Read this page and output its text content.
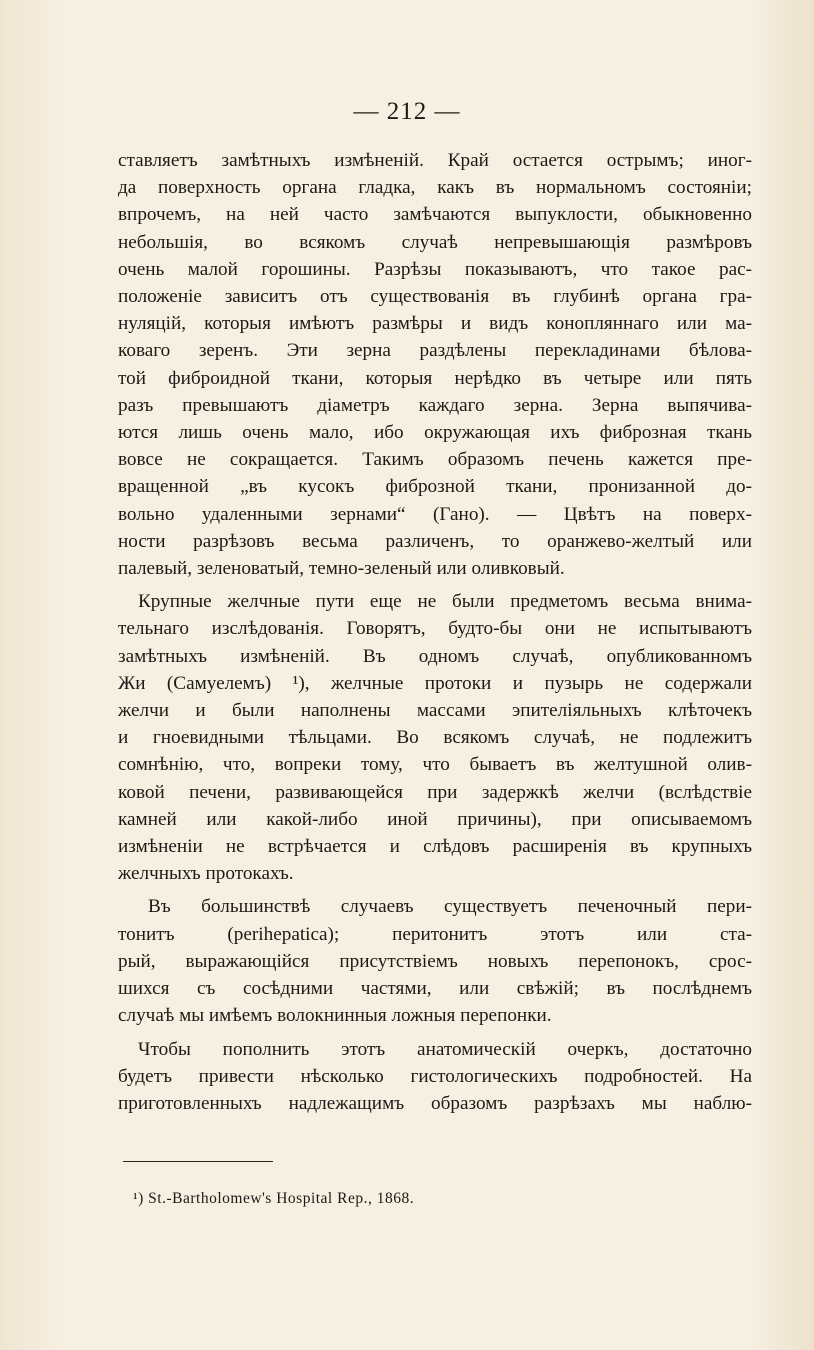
— 212 —

ставляетъ замѣтныхъ измѣненій. Край остается острымъ; иног-
да поверхность органа гладка, какъ въ нормальномъ состояніи;
впрочемъ, на ней часто замѣчаются выпуклости, обыкновенно
небольшія, во всякомъ случаѣ непревышающія размѣровъ
очень малой горошины. Разрѣзы показываютъ, что такое рас-
положеніе зависитъ отъ существованія въ глубинѣ органа гра-
нуляцій, которыя имѣютъ размѣры и видъ конопляннаго или ма-
коваго зеренъ. Эти зерна раздѣлены перекладинами бѣлова-
той фиброидной ткани, которыя нерѣдко въ четыре или пять
разъ превышаютъ діаметръ каждаго зерна. Зерна выпячива-
ются лишь очень мало, ибо окружающая ихъ фиброзная ткань
вовсе не сокращается. Такимъ образомъ печень кажется пре-
вращенной „въ кусокъ фиброзной ткани, пронизанной до-
вольно удаленными зернами“ (Гано). — Цвѣтъ на поверх-
ности разрѣзовъ весьма различенъ, то оранжево-желтый или
палевый, зеленоватый, темно-зеленый или оливковый.

Крупные желчные пути еще не были предметомъ весьма внима-
тельнаго изслѣдованія. Говорятъ, будто-бы они не испытываютъ
замѣтныхъ измѣненій. Въ одномъ случаѣ, опубликованномъ
Жи (Самуелемъ) ¹), желчные протоки и пузырь не содержали
желчи и были наполнены массами эпителіяльныхъ клѣточекъ
и гноевидными тѣльцами. Во всякомъ случаѣ, не подлежитъ
сомнѣнію, что, вопреки тому, что бываетъ въ желтушной олив-
ковой печени, развивающейся при задержкѣ желчи (вслѣдствіе
камней или какой-либо иной причины), при описываемомъ
измѣненіи не встрѣчается и слѣдовъ расширенія въ крупныхъ
желчныхъ протокахъ.

Въ большинствѣ случаевъ существуетъ печеночный пери-
тонитъ (perihepatica); перитонитъ этотъ или ста-
рый, выражающійся присутствіемъ новыхъ перепонокъ, срос-
шихся съ сосѣдними частями, или свѣжій; въ послѣднемъ
случаѣ мы имѣемъ волокнинныя ложныя перепонки.

Чтобы пополнить этотъ анатомическій очеркъ, достаточно
будетъ привести нѣсколько гистологическихъ подробностей. На
приготовленныхъ надлежащимъ образомъ разрѣзахъ мы наблю-

¹) St.-Bartholomew's Hospital Rep., 1868.
